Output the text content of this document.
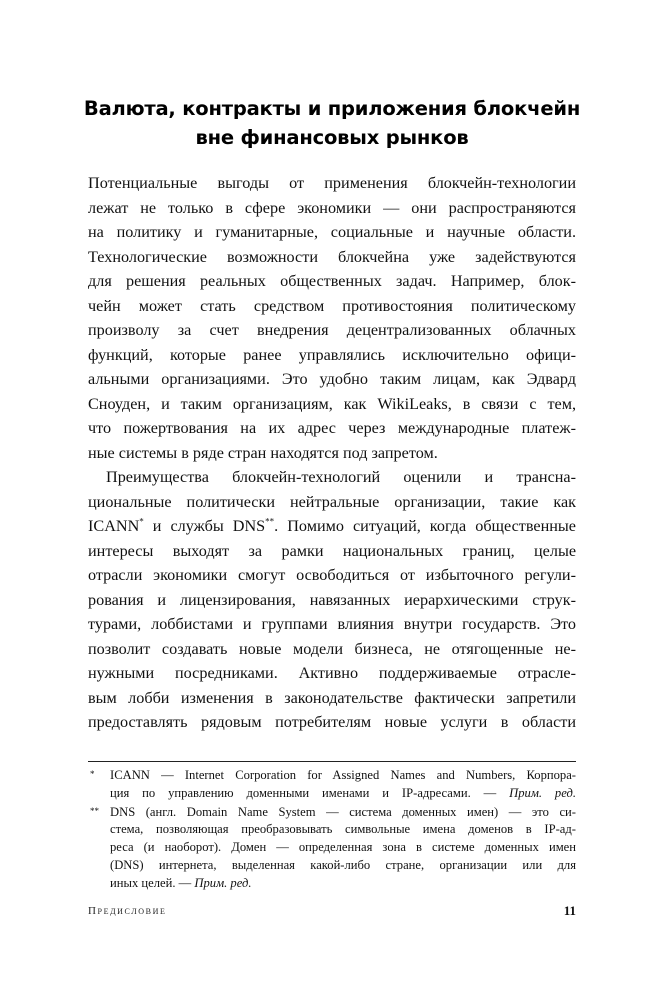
Валюта, контракты и приложения блокчейн
вне финансовых рынков
Потенциальные выгоды от применения блокчейн-технологии
лежат не только в сфере экономики — они распространяются
на политику и гуманитарные, социальные и научные области.
Технологические возможности блокчейна уже задействуются
для решения реальных общественных задач. Например, блок-
чейн может стать средством противостояния политическому
произволу за счет внедрения децентрализованных облачных
функций, которые ранее управлялись исключительно офици-
альными организациями. Это удобно таким лицам, как Эдвард
Сноуден, и таким организациям, как WikiLeaks, в связи с тем,
что пожертвования на их адрес через международные платеж-
ные системы в ряде стран находятся под запретом.
Преимущества блокчейн-технологий оценили и трансна-
циональные политически нейтральные организации, такие как
ICANN* и службы DNS**. Помимо ситуаций, когда общественные
интересы выходят за рамки национальных границ, целые
отрасли экономики смогут освободиться от избыточного регули-
рования и лицензирования, навязанных иерархическими струк-
турами, лоббистами и группами влияния внутри государств. Это
позволит создавать новые модели бизнеса, не отягощенные не-
нужными посредниками. Активно поддерживаемые отрасле-
вым лобби изменения в законодательстве фактически запретили
предоставлять рядовым потребителям новые услуги в области
* ICANN — Internet Corporation for Assigned Names and Numbers, Корпора-
ция по управлению доменными именами и IP-адресами. — Прим. ред.
** DNS (англ. Domain Name System — система доменных имен) — это си-
стема, позволяющая преобразовывать символьные имена доменов в IP-ад-
реса (и наоборот). Домен — определенная зона в системе доменных имен
(DNS) интернета, выделенная какой-либо стране, организации или для
иных целей. — Прим. ред.
Предисловие	11
